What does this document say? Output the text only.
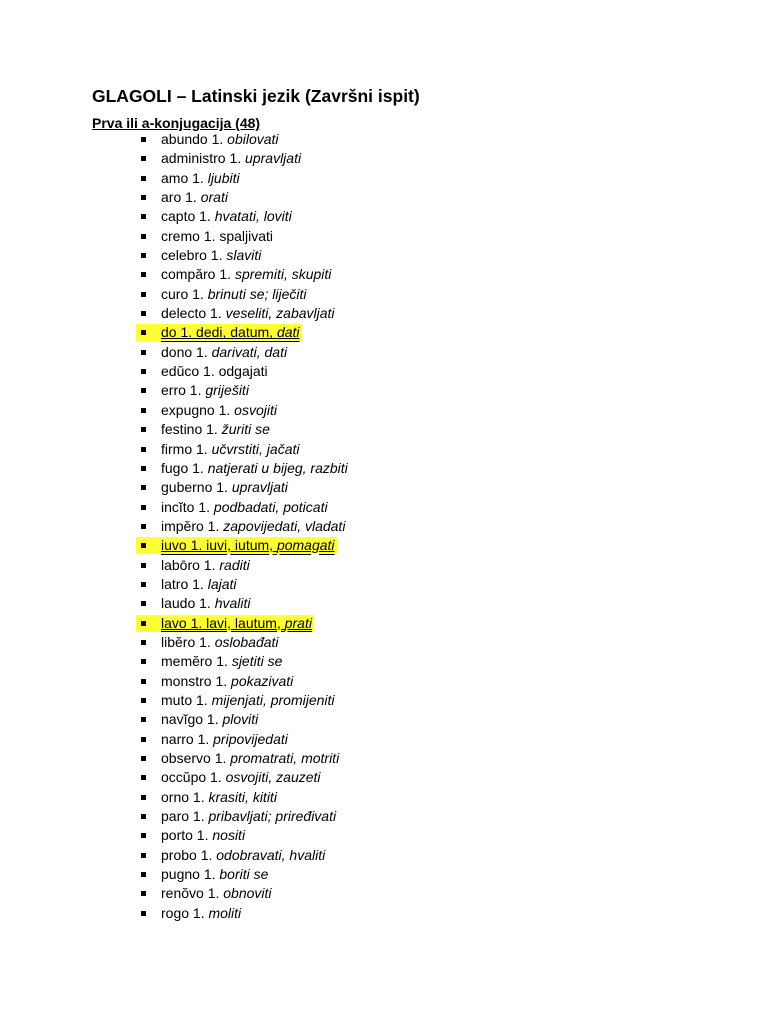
GLAGOLI – Latinski jezik (Završni ispit)
Prva ili a-konjugacija (48)
abundo 1. obilovati
administro 1. upravljati
amo 1. ljubiti
aro 1. orati
capto 1. hvatati, loviti
cremo 1. spaljivati
celebro 1. slaviti
compăro 1. spremiti, skupiti
curo 1. brinuti se; liječiti
delecto 1. veseliti, zabavljati
do 1. dedi, datum, dati
dono 1. darivati, dati
edŭco 1. odgajati
erro 1. griješiti
expugno 1. osvojiti
festino 1. žuriti se
firmo 1. učvrstiti, jačati
fugo 1. natjerati u bijeg, razbiti
guberno 1. upravljati
incĭto 1. podbadati, poticati
impĕro 1. zapovijedati, vladati
iuvo 1. iuvi, iutum, pomagati
labōro 1. raditi
latro 1. lajati
laudo 1. hvaliti
lavo 1. lavi, lautum, prati
libĕro 1. oslobađati
memĕro 1. sjetiti se
monstro 1. pokazivati
muto 1. mijenjati, promijeniti
navĭgo 1. ploviti
narro 1. pripovijedati
observo 1. promatrati, motriti
occŭpo 1. osvojiti, zauzeti
orno 1. krasiti, kititi
paro 1. pribavljati; priređivati
porto 1. nositi
probo 1. odobravati, hvaliti
pugno 1. boriti se
renŏvo 1. obnoviti
rogo 1. moliti
